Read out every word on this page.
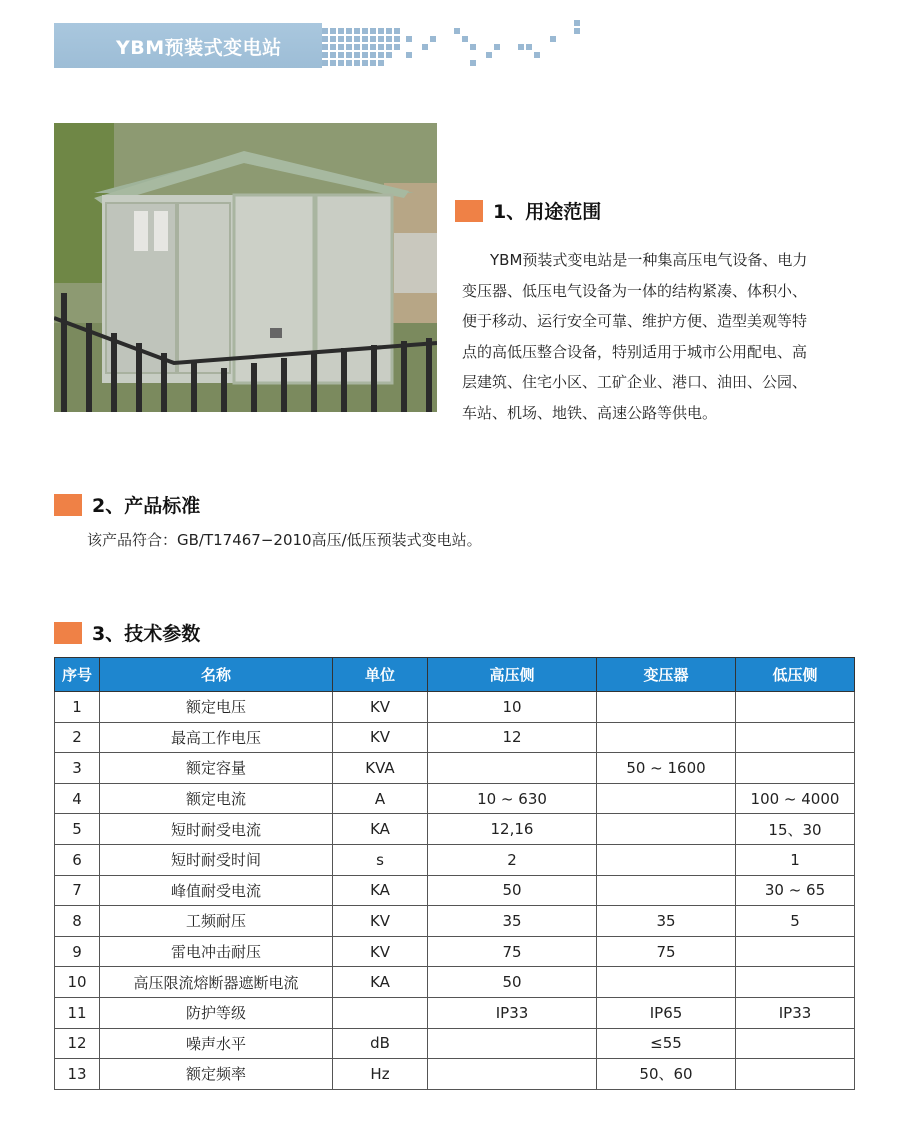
YBM预装式变电站
1、用途范围
YBM预装式变电站是一种集高压电气设备、电力
变压器、低压电气设备为一体的结构紧凑、体积小、
便于移动、运行安全可靠、维护方便、造型美观等特
点的高低压整合设备，特别适用于城市公用配电、高
层建筑、住宅小区、工矿企业、港口、油田、公园、
车站、机场、地铁、高速公路等供电。
2、产品标准
该产品符合：GB/T17467−2010高压/低压预装式变电站。
3、技术参数
序号	名称	单位	高压侧	变压器	低压侧
1	额定电压	KV	10		
2	最高工作电压	KV	12		
3	额定容量	KVA		50 ~ 1600	
4	额定电流	A	10 ~ 630		100 ~ 4000
5	短时耐受电流	KA	12,16		15、30
6	短时耐受时间	s	2		1
7	峰值耐受电流	KA	50		30 ~ 65
8	工频耐压	KV	35	35	5
9	雷电冲击耐压	KV	75	75	
10	高压限流熔断器遮断电流	KA	50		
11	防护等级		IP33	IP65	IP33
12	噪声水平	dB		≤55	
13	额定频率	Hz		50、60	
